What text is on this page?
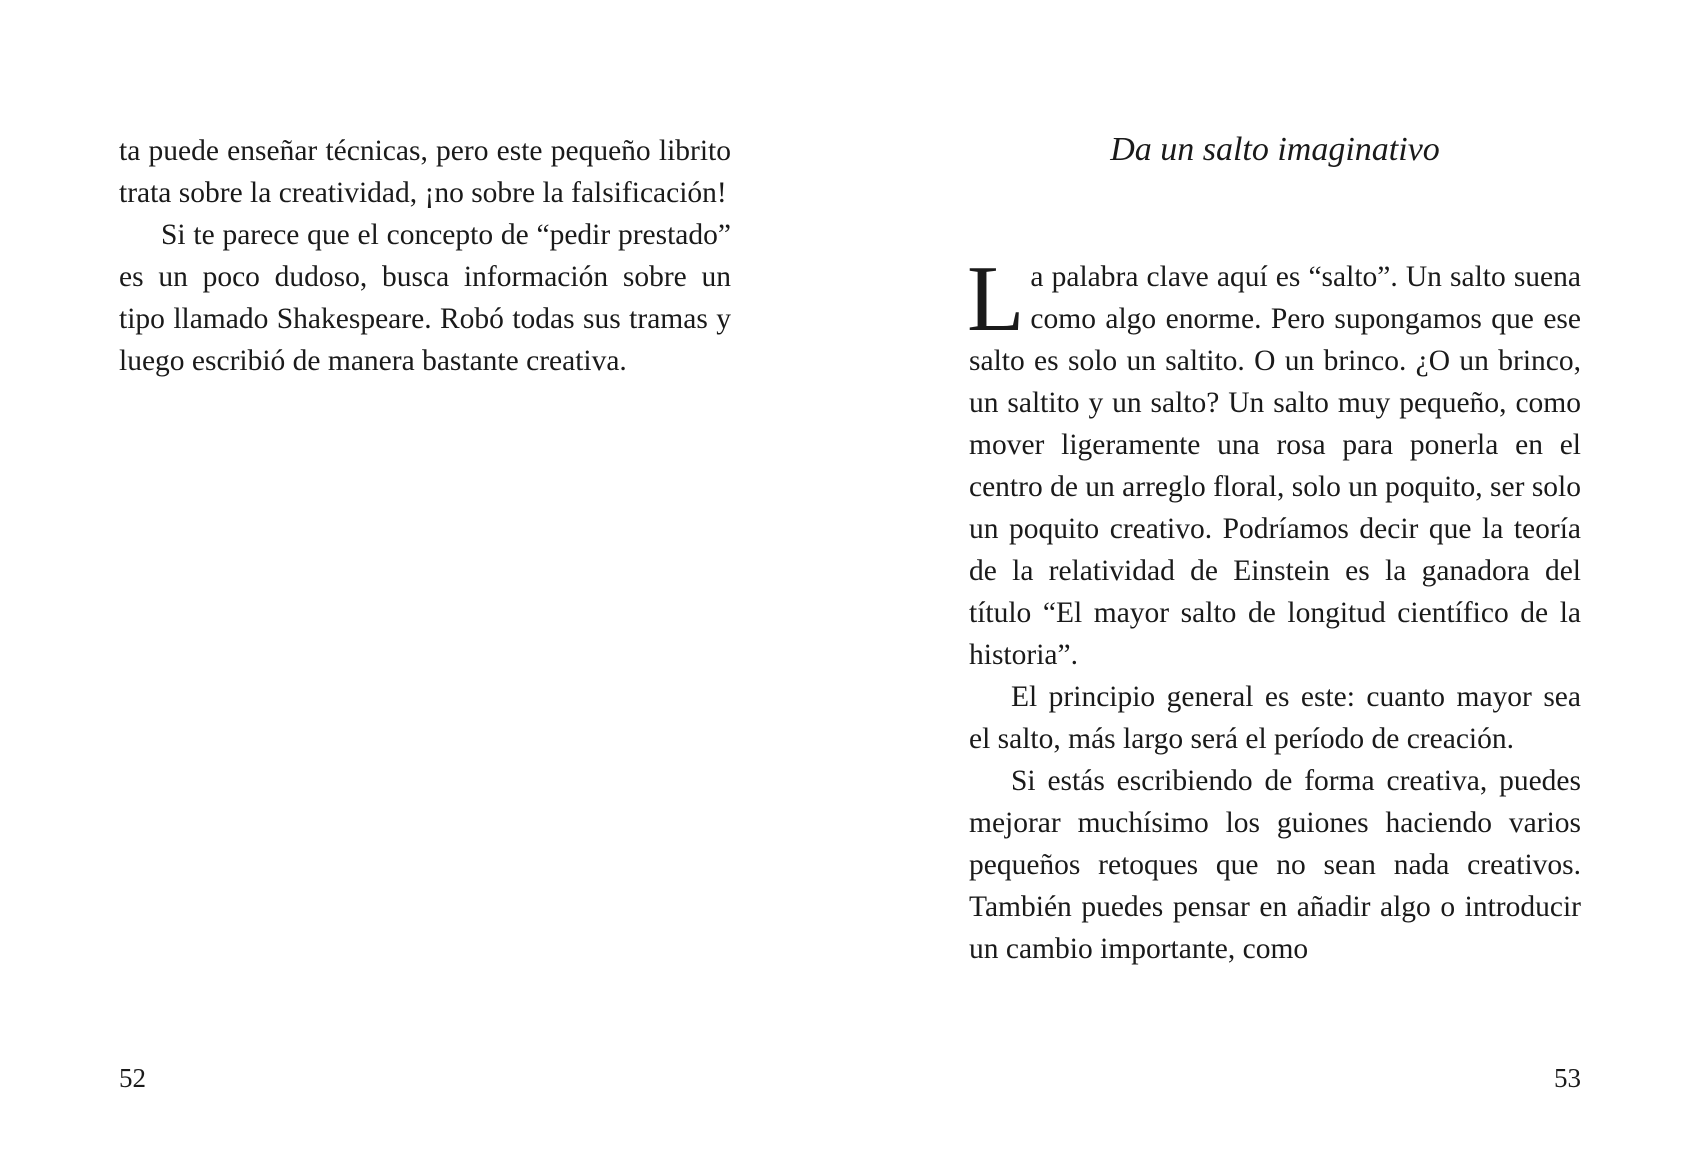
ta puede enseñar técnicas, pero este pequeño librito trata sobre la creatividad, ¡no sobre la falsificación!

Si te parece que el concepto de “pedir prestado” es un poco dudoso, busca información sobre un tipo llamado Shakespeare. Robó todas sus tramas y luego escribió de manera bastante creativa.

52
Da un salto imaginativo

La palabra clave aquí es “salto”. Un salto suena como algo enorme. Pero supongamos que ese salto es solo un saltito. O un brinco. ¿O un brinco, un saltito y un salto? Un salto muy pequeño, como mover ligeramente una rosa para ponerla en el centro de un arreglo floral, solo un poquito, ser solo un poquito creativo. Podríamos decir que la teoría de la relatividad de Einstein es la ganadora del título “El mayor salto de longitud científico de la historia”.

El principio general es este: cuanto mayor sea el salto, más largo será el período de creación.

Si estás escribiendo de forma creativa, puedes mejorar muchísimo los guiones haciendo varios pequeños retoques que no sean nada creativos. También puedes pensar en añadir algo o introducir un cambio importante, como

53
